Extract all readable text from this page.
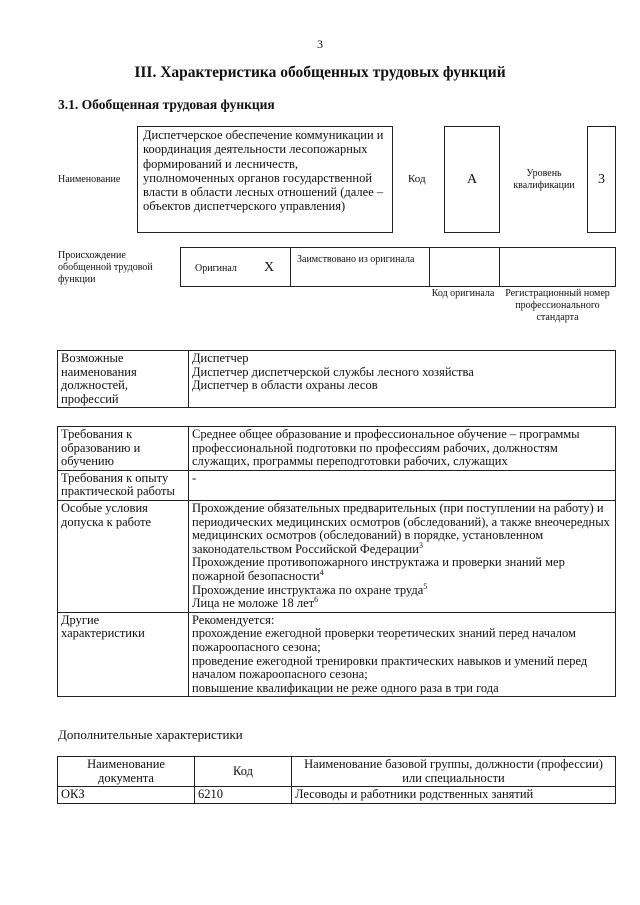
3
III. Характеристика обобщенных трудовых функций
3.1. Обобщенная трудовая функция
Наименование
Диспетчерское обеспечение коммуникации и координация деятельности лесопожарных формирований и лесничеств, уполномоченных органов государственной власти в области лесных отношений (далее – объектов диспетчерского управления)
Код	А	Уровень квалификации	3
Происхождение обобщенной трудовой функции
Оригинал X
Заимствовано из оригинала
Код оригинала	Регистрационный номер профессионального стандарта
Возможные наименования должностей, профессий	
Диспетчер
Диспетчер диспетчерской службы лесного хозяйства
Диспетчер в области охраны лесов
Требования к образованию и обучению	Среднее общее образование и профессиональное обучение – программы профессиональной подготовки по профессиям рабочих, должностям служащих, программы переподготовки рабочих, служащих
Требования к опыту практической работы	-
Особые условия допуска к работе	Прохождение обязательных предварительных (при поступлении на работу) и периодических медицинских осмотров (обследований), а также внеочередных медицинских осмотров (обследований) в порядке, установленном законодательством Российской Федерации$^3$
Прохождение противопожарного инструктажа и проверки знаний мер пожарной безопасности$^4$
Прохождение инструктажа по охране труда$^5$
Лица не моложе 18 лет$^6$

Другие характеристики	Рекомендуется:
прохождение ежегодной проверки теоретических знаний перед началом пожароопасного сезона;
проведение ежегодной тренировки практических навыков и умений перед началом пожароопасного сезона;
повышение квалификации не реже одного раза в три года
Дополнительные характеристики
Наименование документа	Код	Наименование базовой группы, должности (профессии) или специальности
ОКЗ	6210	Лесоводы и работники родственных занятий
